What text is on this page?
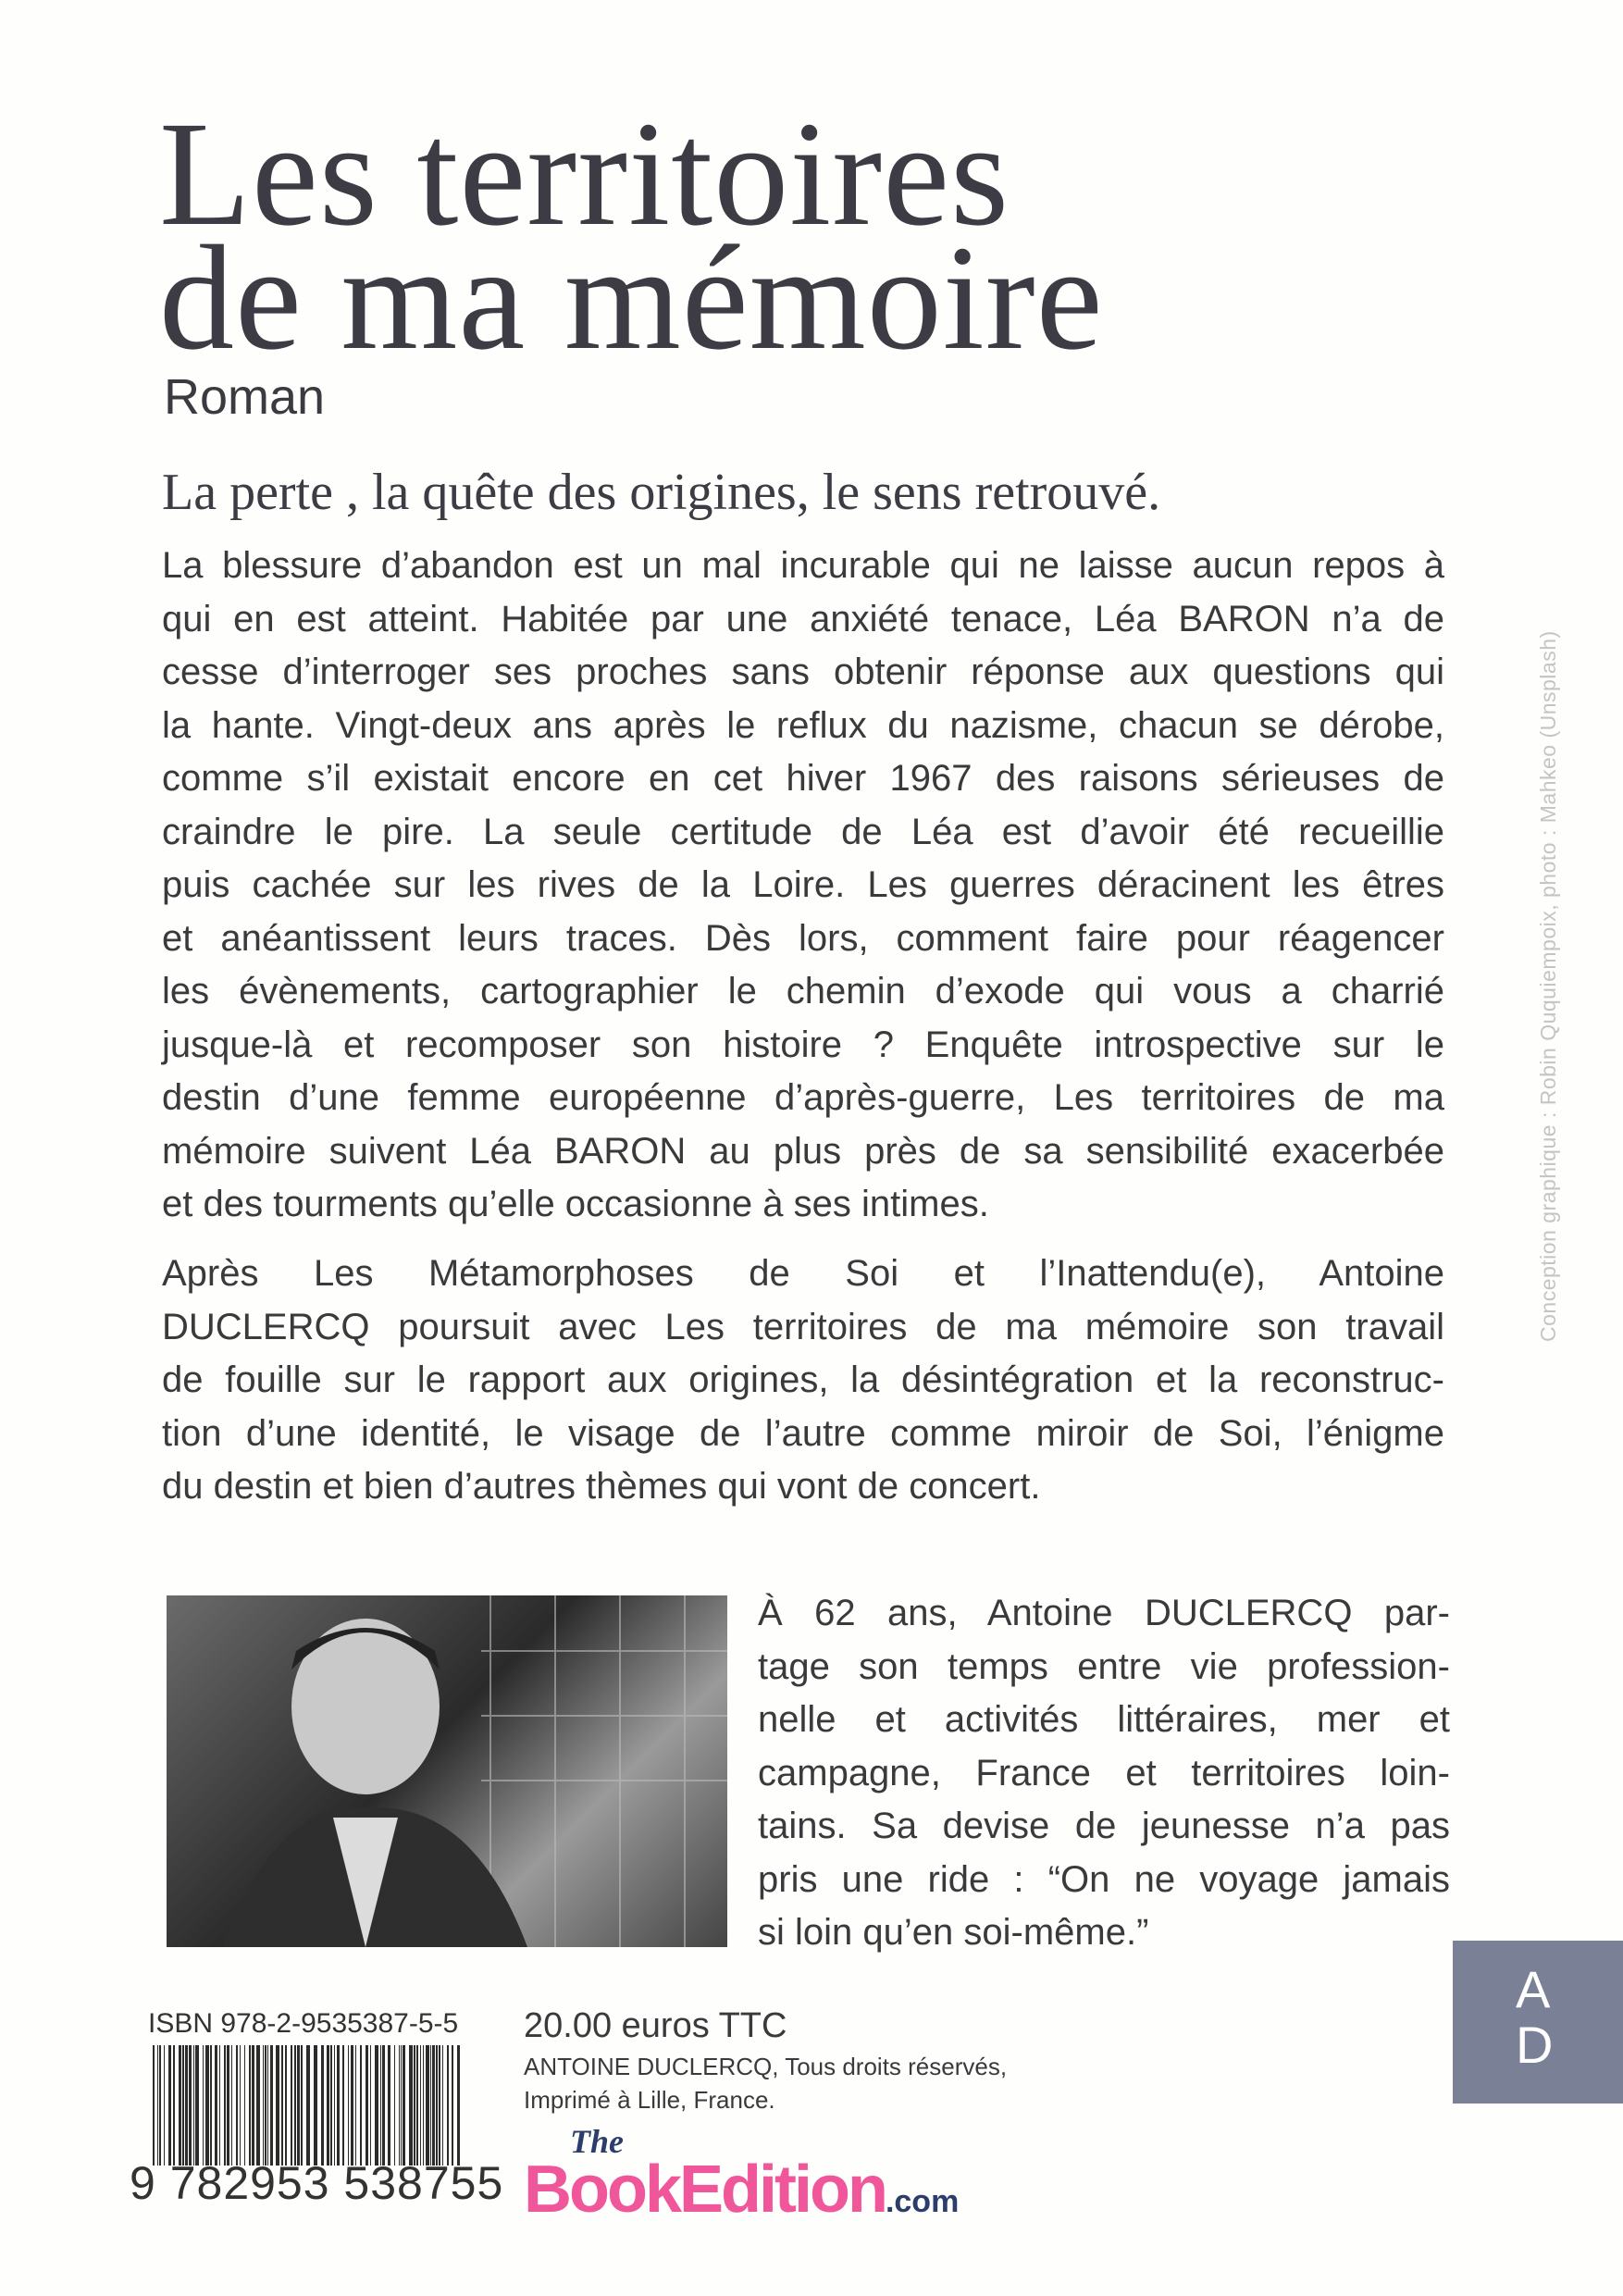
Les territoires
de ma mémoire
Roman
La perte , la quête des origines, le sens retrouvé.
La blessure d’abandon est un mal incurable qui ne laisse aucun repos à
qui en est atteint. Habitée par une anxiété tenace, Léa BARON n’a de
cesse d’interroger ses proches sans obtenir réponse aux questions qui
la hante. Vingt-deux ans après le reflux du nazisme, chacun se dérobe,
comme s’il existait encore en cet hiver 1967 des raisons sérieuses de
craindre le pire. La seule certitude de Léa est d’avoir été recueillie
puis cachée sur les rives de la Loire. Les guerres déracinent les êtres
et anéantissent leurs traces. Dès lors, comment faire pour réagencer
les évènements, cartographier le chemin d’exode qui vous a charrié
jusque-là et recomposer son histoire ? Enquête introspective sur le
destin d’une femme européenne d’après-guerre, Les territoires de ma
mémoire suivent Léa BARON au plus près de sa sensibilité exacerbée
et des tourments qu’elle occasionne à ses intimes.
Après Les Métamorphoses de Soi et l’Inattendu(e), Antoine
DUCLERCQ poursuit avec Les territoires de ma mémoire son travail
de fouille sur le rapport aux origines, la désintégration et la reconstruc-
tion d’une identité, le visage de l’autre comme miroir de Soi, l’énigme
du destin et bien d’autres thèmes qui vont de concert.
À 62 ans, Antoine DUCLERCQ par-
tage son temps entre vie profession-
nelle et activités littéraires, mer et
campagne, France et territoires loin-
tains. Sa devise de jeunesse n’a pas
pris une ride : “On ne voyage jamais
si loin qu’en soi-même.”
Conception graphique : Robin Ququiempoix, photo : Mahkeo (Unsplash)
A
D
ISBN 978-2-9535387-5-5
9 782953 538755
20.00 euros TTC
ANTOINE DUCLERCQ, Tous droits réservés,
Imprimé à Lille, France.
The
BookEdition.com
